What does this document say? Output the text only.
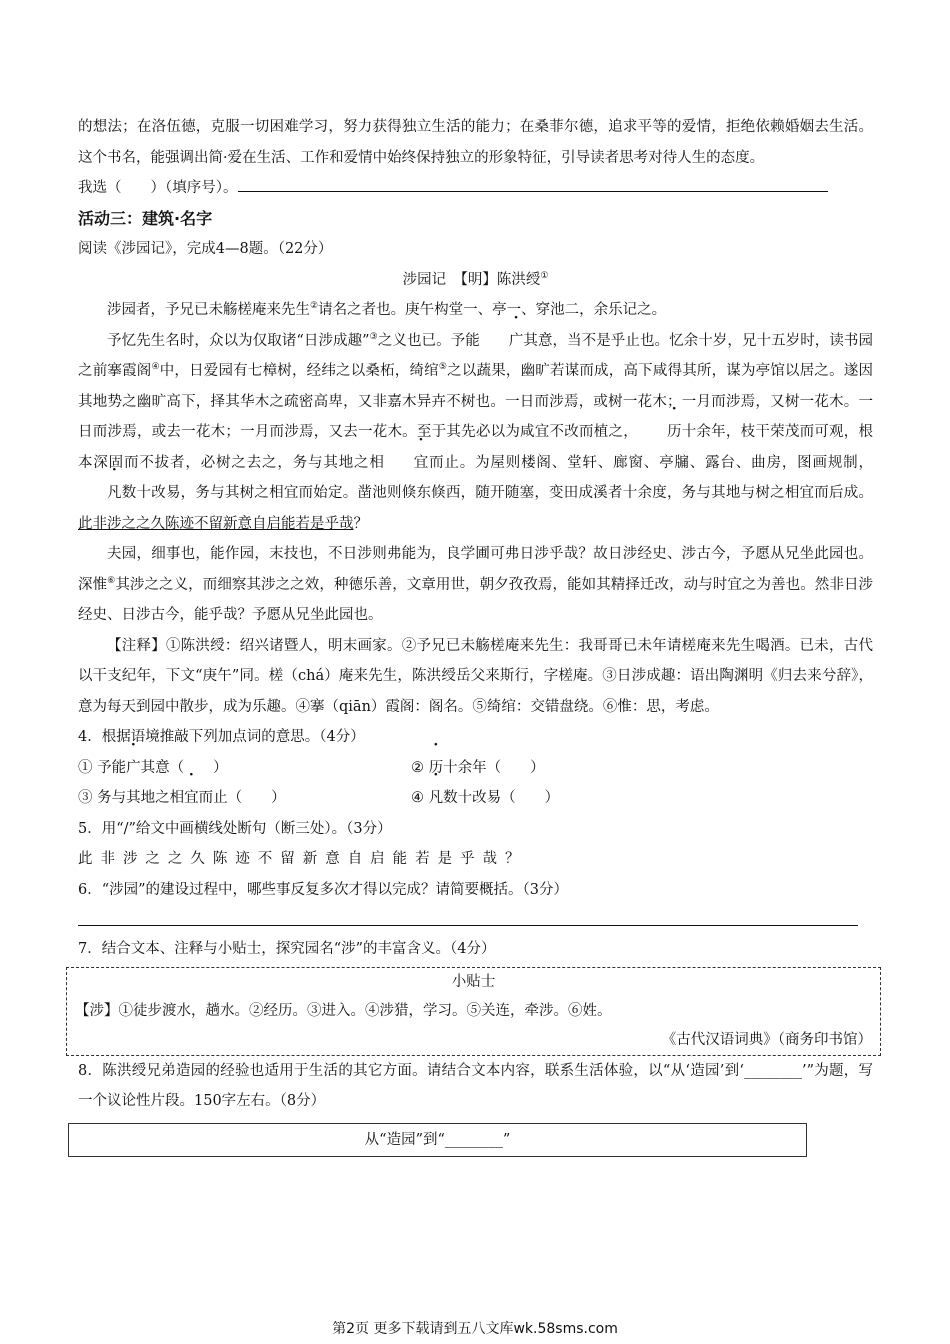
的想法；在洛伍德，克服一切困难学习，努力获得独立生活的能力；在桑菲尔德，追求平等的爱情，拒绝依赖婚姻去生活。这个书名，能强调出简·爱在生活、工作和爱情中始终保持独立的形象特征，引导读者思考对待人生的态度。

我选（　　）（填序号）。

活动三：建筑·名字

阅读《涉园记》，完成4—8题。（22分）

涉园记　【明】陈洪绶①

涉园者，予兄已未觞槎庵来先生②请名之者也。庚午构堂一、亭一、穿池二，余乐记之。

予忆先生名时，众以为仅取诸“日涉成趣”③之义也已。予能 广其意，当不是乎止也。忆余十岁，兄十五岁时，读书园之前搴霞阁④中，日爱园有七樟树，经纬之以桑柘，绮绾⑤之以蔬果，幽旷若谋而成，高下咸得其所，谋为亭馆以居之。遂因其地势之幽旷高下，择其华木之疏密高卑，又非嘉木异卉不树也。一日而涉焉，或树一花木；一月而涉焉，又树一花木。一日而涉焉，或去一花木；一月而涉焉，又去一花木。至于其先必以为咸宜不改而植之， 历十余年，枝干荣茂而可观，根本深固而不拔者，必树之去之，务与其地之相 宜而止。为屋则楼阁、堂轩、廊窗、亭牖、露台、曲房，图画规制，凡数十改易，务与其树之相宜而始定。凿池则倏东倏西，随开随塞，变田成溪者十余度，务与其地与树之相宜而后成。此非涉之之久陈迹不留新意自启能若是乎哉？

夫园，细事也，能作园，末技也，不日涉则弗能为，良学圃可弗日涉乎哉？故日涉经史、涉古今，予愿从兄坐此园也。深惟⑥其涉之之义，而细察其涉之之效，种德乐善，文章用世，朝夕孜孜焉，能如其精择迁改，动与时宜之为善也。然非日涉经史、日涉古今，能乎哉？予愿从兄坐此园也。

【注释】①陈洪绶：绍兴诸暨人，明末画家。②予兄已未觞槎庵来先生：我哥哥已未年请槎庵来先生喝酒。已未，古代以干支纪年，下文“庚午”同。槎（chá）庵来先生，陈洪绶岳父来斯行，字槎庵。③日涉成趣：语出陶渊明《归去来兮辞》，意为每天到园中散步，成为乐趣。④搴（qiān）霞阁：阁名。⑤绮绾：交错盘绕。⑥惟：思，考虑。

4．根据语境推敲下列加点词的意思。（4分）

① 予能广其意（　　）	② 历十余年（　　）
③ 务与其地之相宜而止（　　）	④ 凡数十改易（　　）

5．用“/”给文中画横线处断句（断三处）。（3分）

此非涉之之久陈迹不留新意自启能若是乎哉？

6．“涉园”的建设过程中，哪些事反复多次才得以完成？请简要概括。（3分）

7．结合文本、注释与小贴士，探究园名“涉”的丰富含义。（4分）

小贴士

【涉】①徒步渡水，趟水。②经历。③进入。④涉猎，学习。⑤关连，牵涉。⑥姓。

《古代汉语词典》（商务印书馆）

8．陈洪绶兄弟造园的经验也适用于生活的其它方面。请结合文本内容，联系生活体验，以“从‘造园’到‘________’”为题，写一个议论性片段。150字左右。（8分）

从“造园”到“________”
第2页 更多下载请到五八文库wk.58sms.com
